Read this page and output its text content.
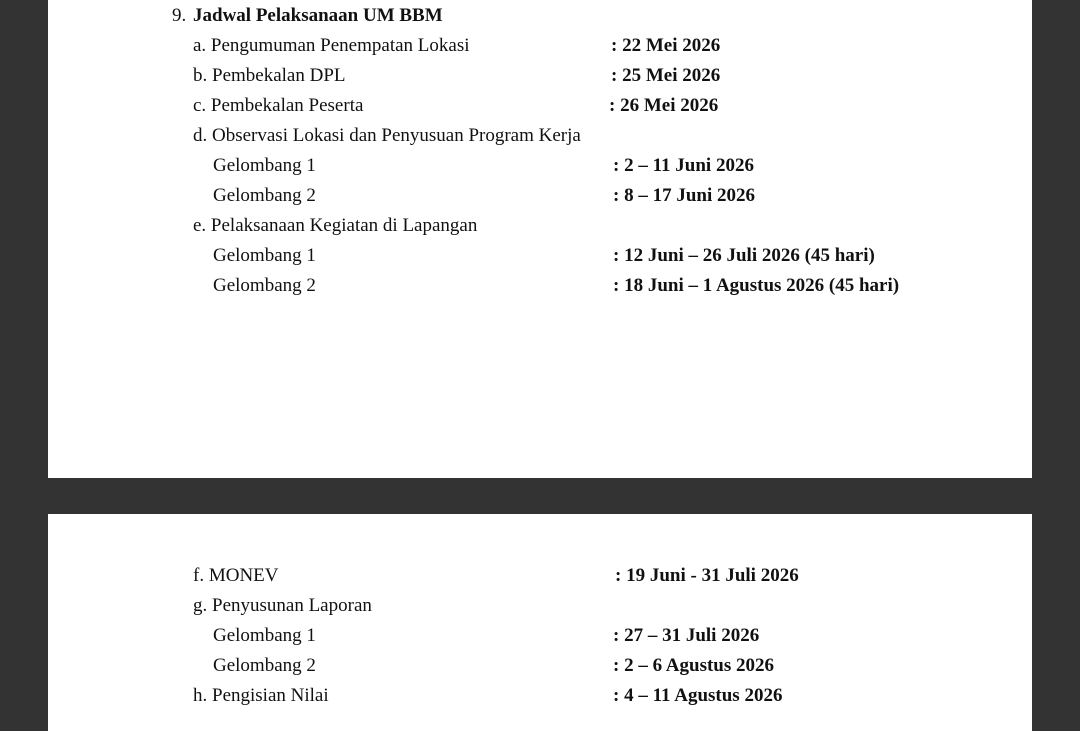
9. Jadwal Pelaksanaan UM BBM
a. Pengumuman Penempatan Lokasi	: 22 Mei 2026
b. Pembekalan DPL	: 25 Mei 2026
c. Pembekalan Peserta	: 26 Mei 2026
d. Observasi Lokasi dan Penyusuan Program Kerja
Gelombang 1	: 2 – 11 Juni 2026
Gelombang 2	: 8 – 17 Juni 2026
e. Pelaksanaan Kegiatan di Lapangan
Gelombang 1	: 12 Juni – 26 Juli 2026 (45 hari)
Gelombang 2	: 18 Juni – 1 Agustus 2026 (45 hari)
f. MONEV	: 19 Juni - 31 Juli 2026
g. Penyusunan Laporan
Gelombang 1	: 27 – 31 Juli 2026
Gelombang 2	: 2 – 6 Agustus 2026
h. Pengisian Nilai	: 4 – 11 Agustus 2026
